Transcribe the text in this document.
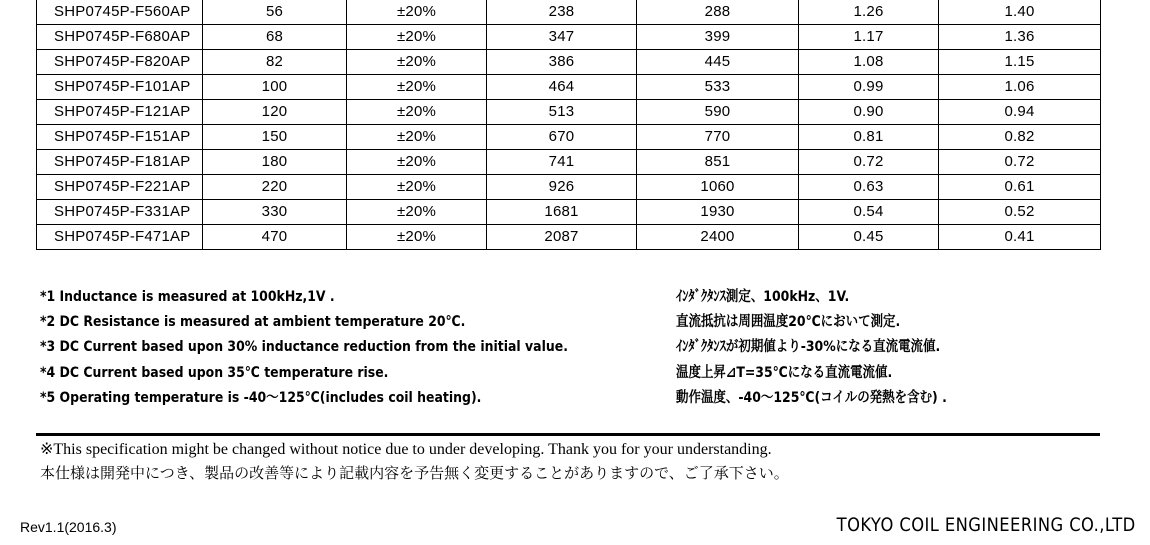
SHP0745P-F560AP	56	±20%	238	288	1.26	1.40
SHP0745P-F680AP	68	±20%	347	399	1.17	1.36
SHP0745P-F820AP	82	±20%	386	445	1.08	1.15
SHP0745P-F101AP	100	±20%	464	533	0.99	1.06
SHP0745P-F121AP	120	±20%	513	590	0.90	0.94
SHP0745P-F151AP	150	±20%	670	770	0.81	0.82
SHP0745P-F181AP	180	±20%	741	851	0.72	0.72
SHP0745P-F221AP	220	±20%	926	1060	0.63	0.61
SHP0745P-F331AP	330	±20%	1681	1930	0.54	0.52
SHP0745P-F471AP	470	±20%	2087	2400	0.45	0.41
*1 Inductance is measured at 100kHz,1V .
*2 DC Resistance is measured at ambient temperature 20℃.
*3 DC Current based upon 30% inductance reduction from the initial value.
*4 DC Current based upon 35℃ temperature rise.
*5 Operating temperature is -40～125℃(includes coil heating).
ｲﾝﾀﾞｸﾀﾝｽ測定、100kHz、1V.
直流抵抗は周囲温度20℃において測定.
ｲﾝﾀﾞｸﾀﾝｽが初期値より-30%になる直流電流値.
温度上昇⊿T=35℃になる直流電流値.
動作温度、-40～125℃(コイルの発熱を含む) .
※This specification might be changed without notice due to under developing. Thank you for your understanding.
本仕様は開発中につき、製品の改善等により記載内容を予告無く変更することがありますので、ご了承下さい。
Rev1.1(2016.3)	TOKYO COIL ENGINEERING CO.,LTD
